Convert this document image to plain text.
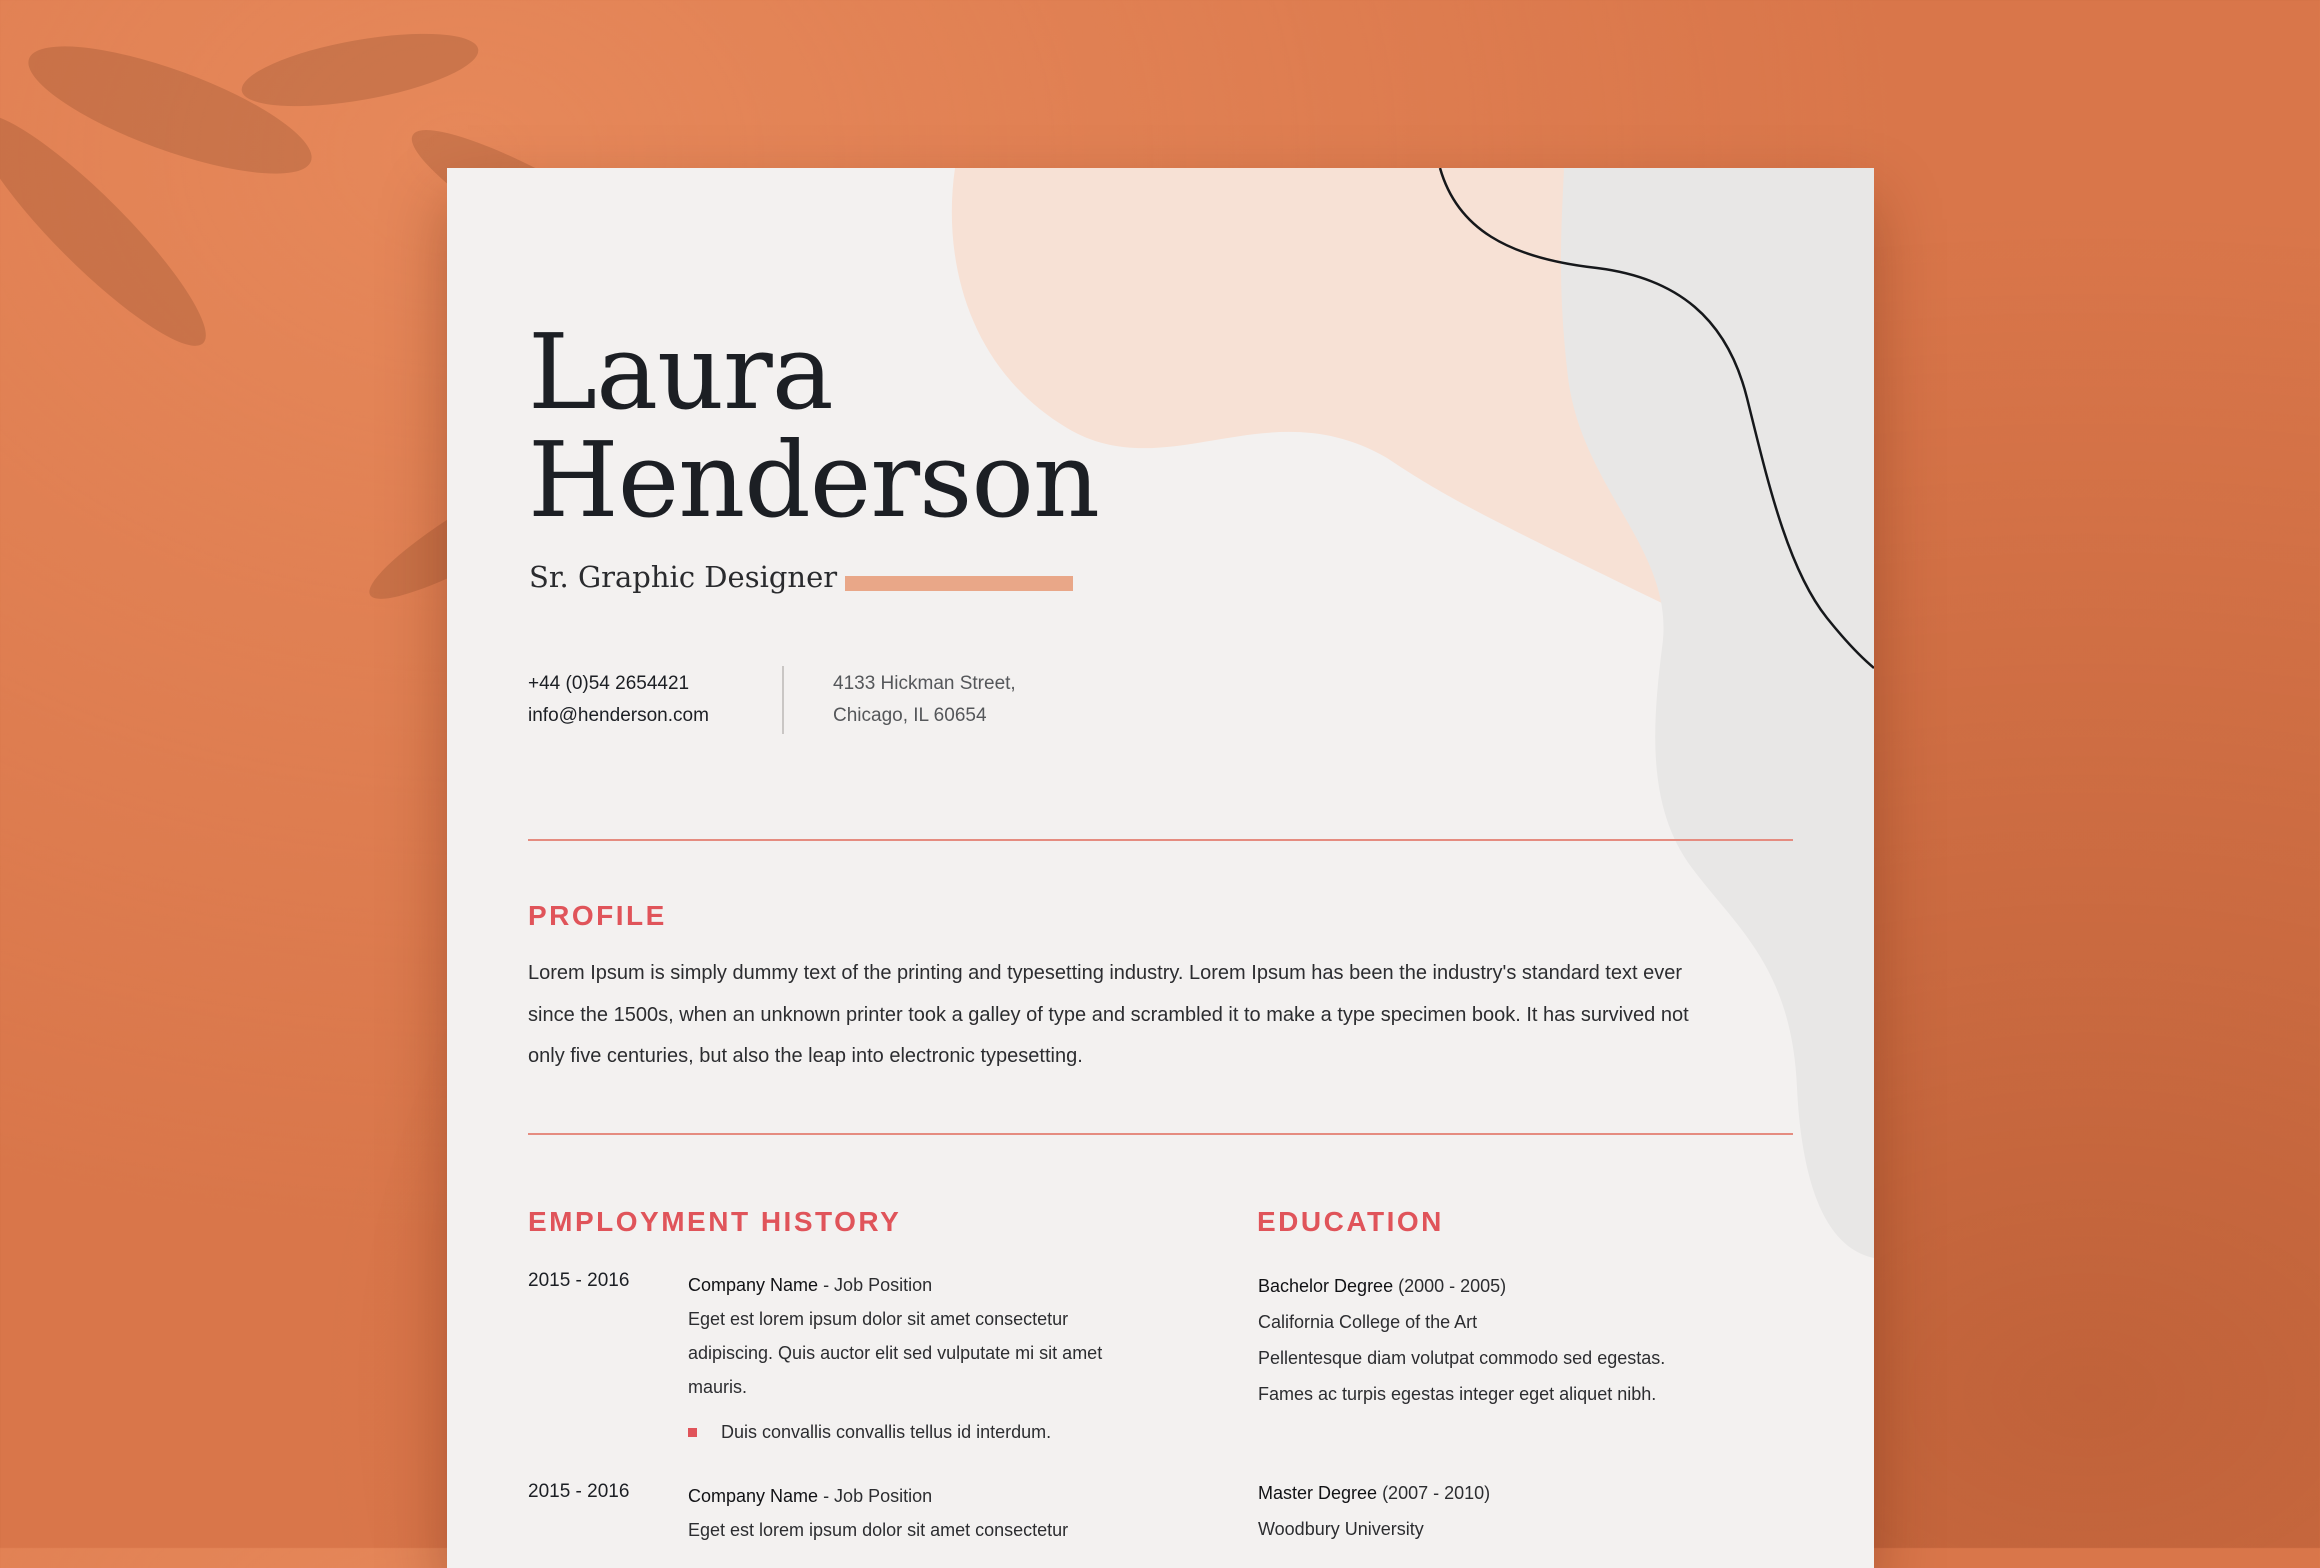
Laura
Henderson
Sr. Graphic Designer
+44 (0)54 2654421
info@henderson.com
4133 Hickman Street,
Chicago, IL 60654
PROFILE

Lorem Ipsum is simply dummy text of the printing and typesetting industry. Lorem Ipsum has been the industry's standard text ever since the 1500s, when an unknown printer took a galley of type and scrambled it to make a type specimen book. It has survived not only five centuries, but also the leap into electronic typesetting.

EMPLOYMENT HISTORY	EDUCATION
2015 - 2016	Company Name - Job Position
Eget est lorem ipsum dolor sit amet consectetur adipiscing. Quis auctor elit sed vulputate mi sit amet mauris.
Duis convallis convallis tellus id interdum.
2015 - 2016	Company Name - Job Position
Eget est lorem ipsum dolor sit amet consectetur
Bachelor Degree (2000 - 2005)
California College of the Art
Pellentesque diam volutpat commodo sed egestas.
Fames ac turpis egestas integer eget aliquet nibh.
Master Degree (2007 - 2010)
Woodbury University
